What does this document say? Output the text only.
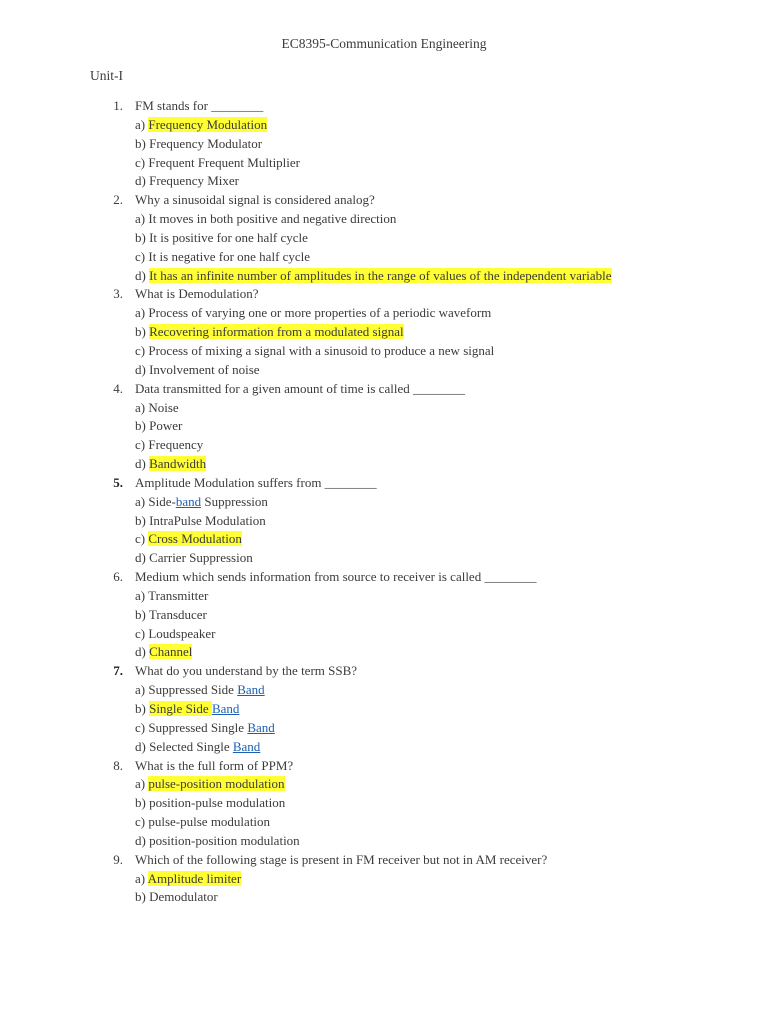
EC8395-Communication Engineering
Unit-I
1. FM stands for ________
a) Frequency Modulation
b) Frequency Modulator
c) Frequent Frequent Multiplier
d) Frequency Mixer
2. Why a sinusoidal signal is considered analog?
a) It moves in both positive and negative direction
b) It is positive for one half cycle
c) It is negative for one half cycle
d) It has an infinite number of amplitudes in the range of values of the independent variable
3. What is Demodulation?
a) Process of varying one or more properties of a periodic waveform
b) Recovering information from a modulated signal
c) Process of mixing a signal with a sinusoid to produce a new signal
d) Involvement of noise
4. Data transmitted for a given amount of time is called ________
a) Noise
b) Power
c) Frequency
d) Bandwidth
5. Amplitude Modulation suffers from ________
a) Side-band Suppression
b) IntraPulse Modulation
c) Cross Modulation
d) Carrier Suppression
6. Medium which sends information from source to receiver is called ________
a) Transmitter
b) Transducer
c) Loudspeaker
d) Channel
7. What do you understand by the term SSB?
a) Suppressed Side Band
b) Single Side Band
c) Suppressed Single Band
d) Selected Single Band
8. What is the full form of PPM?
a) pulse-position modulation
b) position-pulse modulation
c) pulse-pulse modulation
d) position-position modulation
9. Which of the following stage is present in FM receiver but not in AM receiver?
a) Amplitude limiter
b) Demodulator
